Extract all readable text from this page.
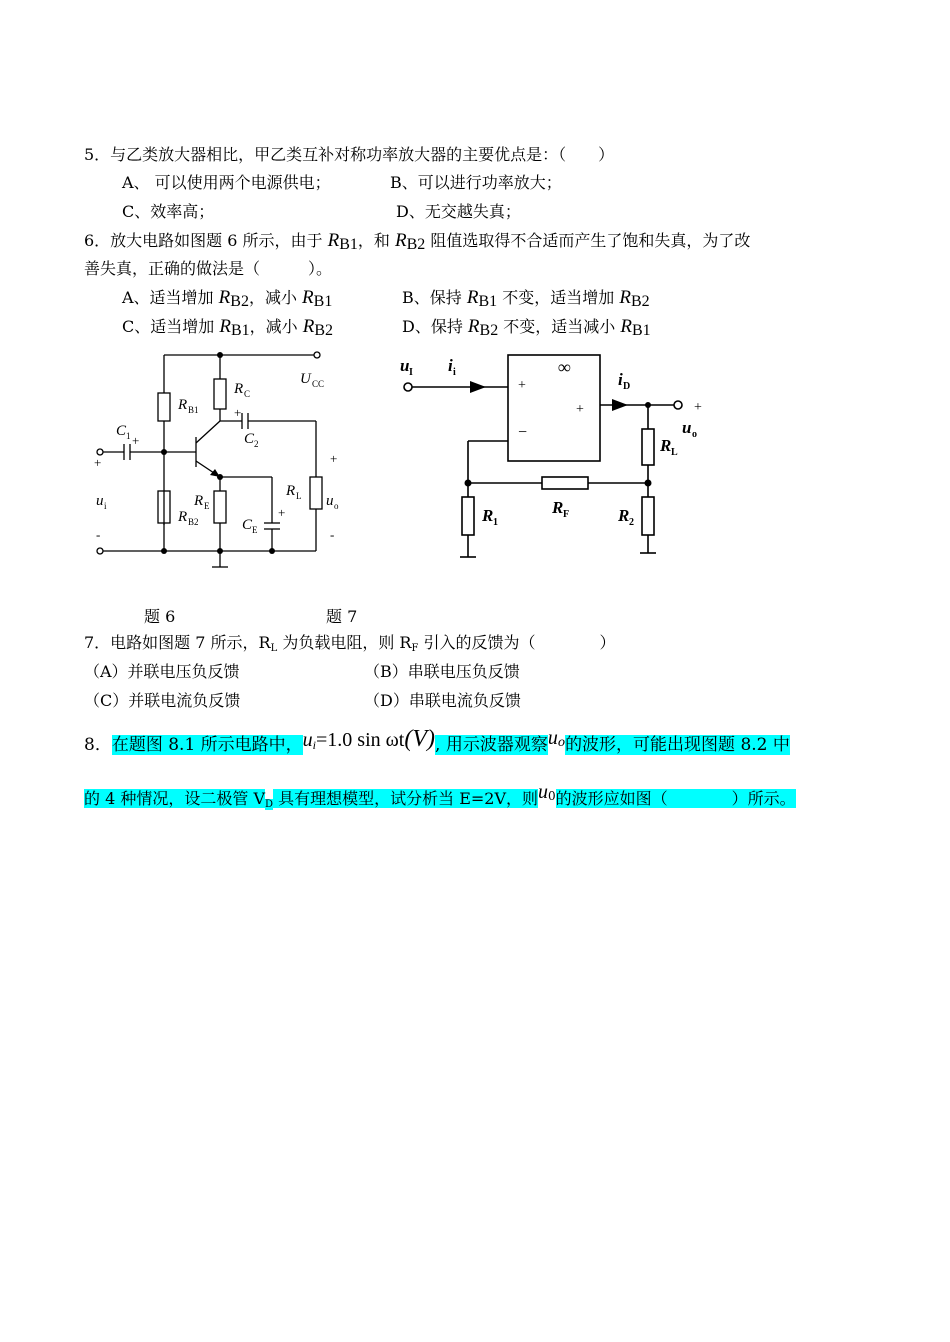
5．与乙类放大器相比，甲乙类互补对称功率放大器的主要优点是：（　　）
A、 可以使用两个电源供电；	B、可以进行功率放大；
C、效率高；	D、无交越失真；
6．放大电路如图题 6 所示，由于 RB1，和 RB2 阻值选取得不合适而产生了饱和失真，为了改
善失真，正确的做法是（　　　）。
A、适当增加 RB2，减小 RB1	B、保持 RB1 不变，适当增加 RB2
C、适当增加 RB1，减小 RB2	D、保持 RB2 不变，适当减小 RB1
R C
U CC
R B1
C 1 +
+
C 2
+	+
R L u o
R E
u i
R B2
+
C E
-	-
u I i i	∞
+
+
−
i D
+
u o
R L
R F
R 1	R 2
题 6	题 7
7．电路如图题 7 所示，RL 为负载电阻，则 RF 引入的反馈为（　　　　）
（A）并联电压负反馈	（B）串联电压负反馈
（C）并联电流负反馈	（D）串联电流负反馈
8．在题图 8.1 所示电路中，ui=1.0 sin ωt(V), 用示波器观察$u^o$的波形，可能出现图题 8.2 中
的 4 种情况，设二极管 VD 具有理想模型，试分析当 E=2V，则$u^0$的波形应如图（　　　　）所示。
